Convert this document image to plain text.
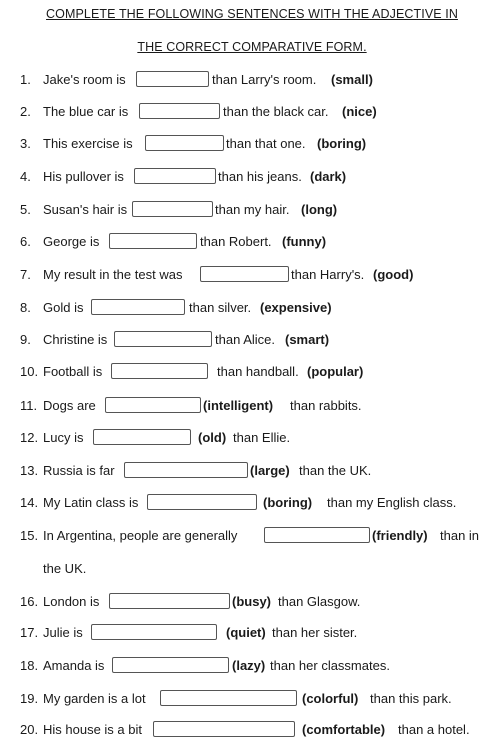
COMPLETE THE FOLLOWING SENTENCES WITH THE ADJECTIVE IN
THE CORRECT COMPARATIVE FORM.
1. Jake's room is	than Larry's room. (small)
2. The blue car is	than the black car. (nice)
3. This exercise is	than that one. (boring)
4. His pullover is	than his jeans. (dark)
5. Susan's hair is	than my hair. (long)
6. George is	than Robert. (funny)
7. My result in the test was	than Harry's. (good)
8. Gold is	than silver. (expensive)
9. Christine is	than Alice. (smart)
10. Football is	than handball. (popular)
11. Dogs are	(intelligent) than rabbits.
12. Lucy is	(old) than Ellie.
13. Russia is far	(large) than the UK.
14. My Latin class is	(boring) than my English class.
15. In Argentina, people are generally	(friendly) than in
the UK.
16. London is	(busy) than Glasgow.
17. Julie is	(quiet) than her sister.
18. Amanda is	(lazy) than her classmates.
19. My garden is a lot	(colorful) than this park.
20. His house is a bit	(comfortable) than a hotel.
